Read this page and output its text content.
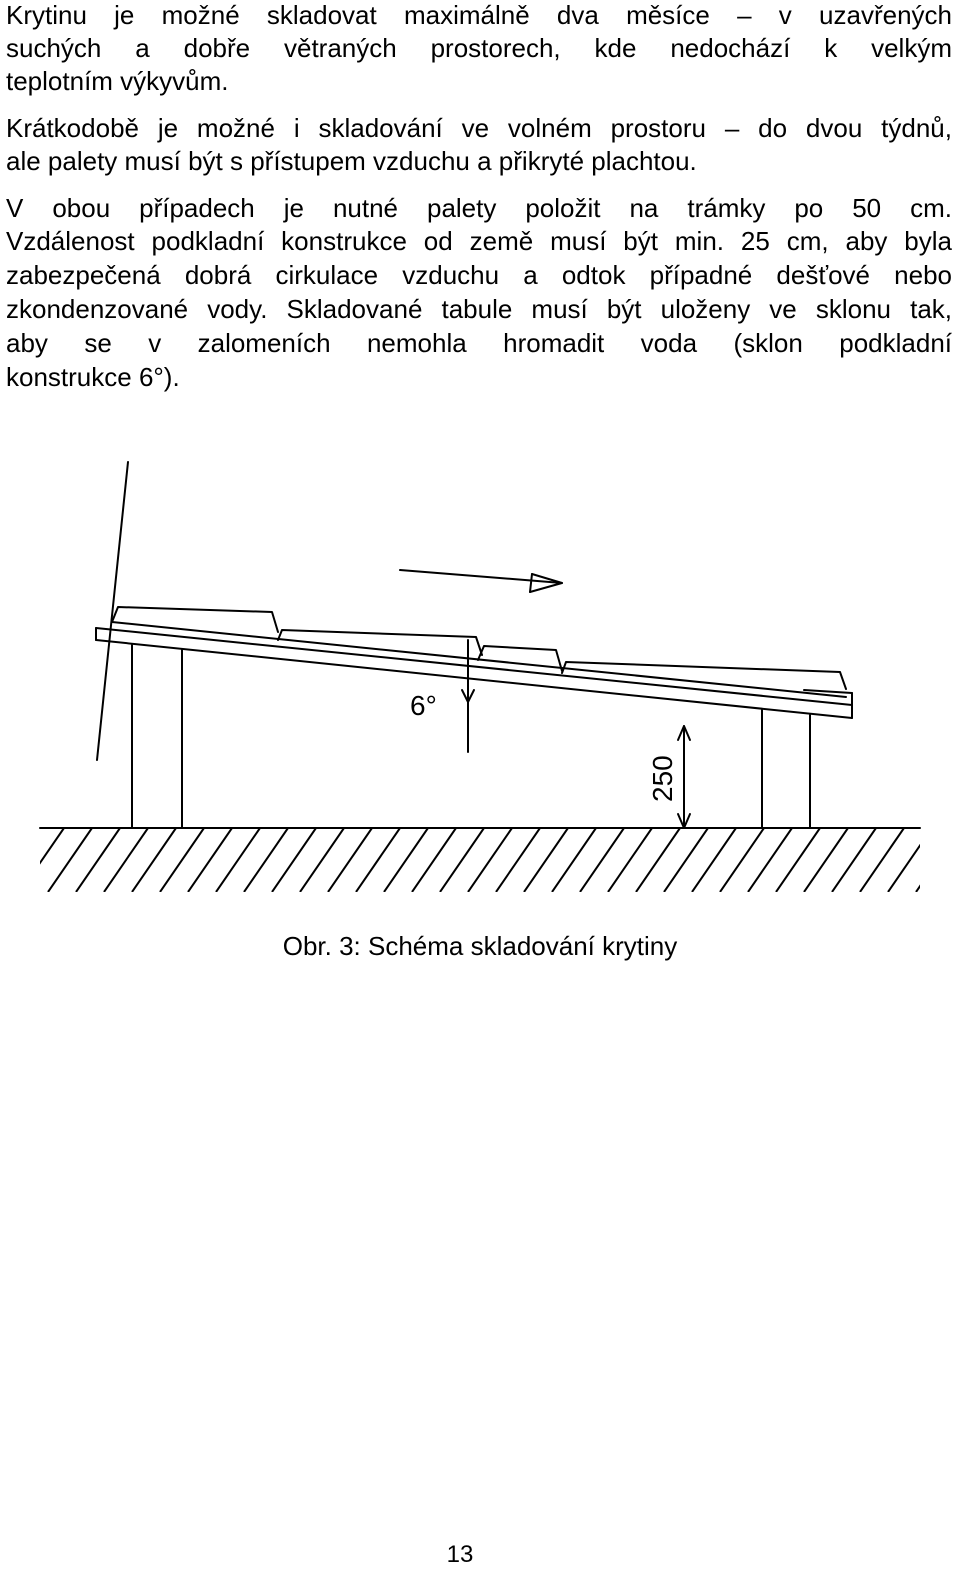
Krytinu je možné skladovat maximálně dva měsíce – v uzavřených
suchých a dobře větraných prostorech, kde nedochází k velkým
teplotním výkyvům.
Krátkodobě je možné i skladování ve volném prostoru – do dvou týdnů,
ale palety musí být s přístupem vzduchu a přikryté plachtou.
V obou případech je nutné palety položit na trámky po 50 cm.
Vzdálenost podkladní konstrukce od země musí být min. 25 cm, aby byla
zabezpečená dobrá cirkulace vzduchu a odtok případné dešťové nebo
zkondenzované vody. Skladované tabule musí být uloženy ve sklonu tak,
aby se v zalomeních nemohla hromadit voda (sklon podkladní
konstrukce 6°).
6°
250
Obr. 3: Schéma skladování krytiny
13
